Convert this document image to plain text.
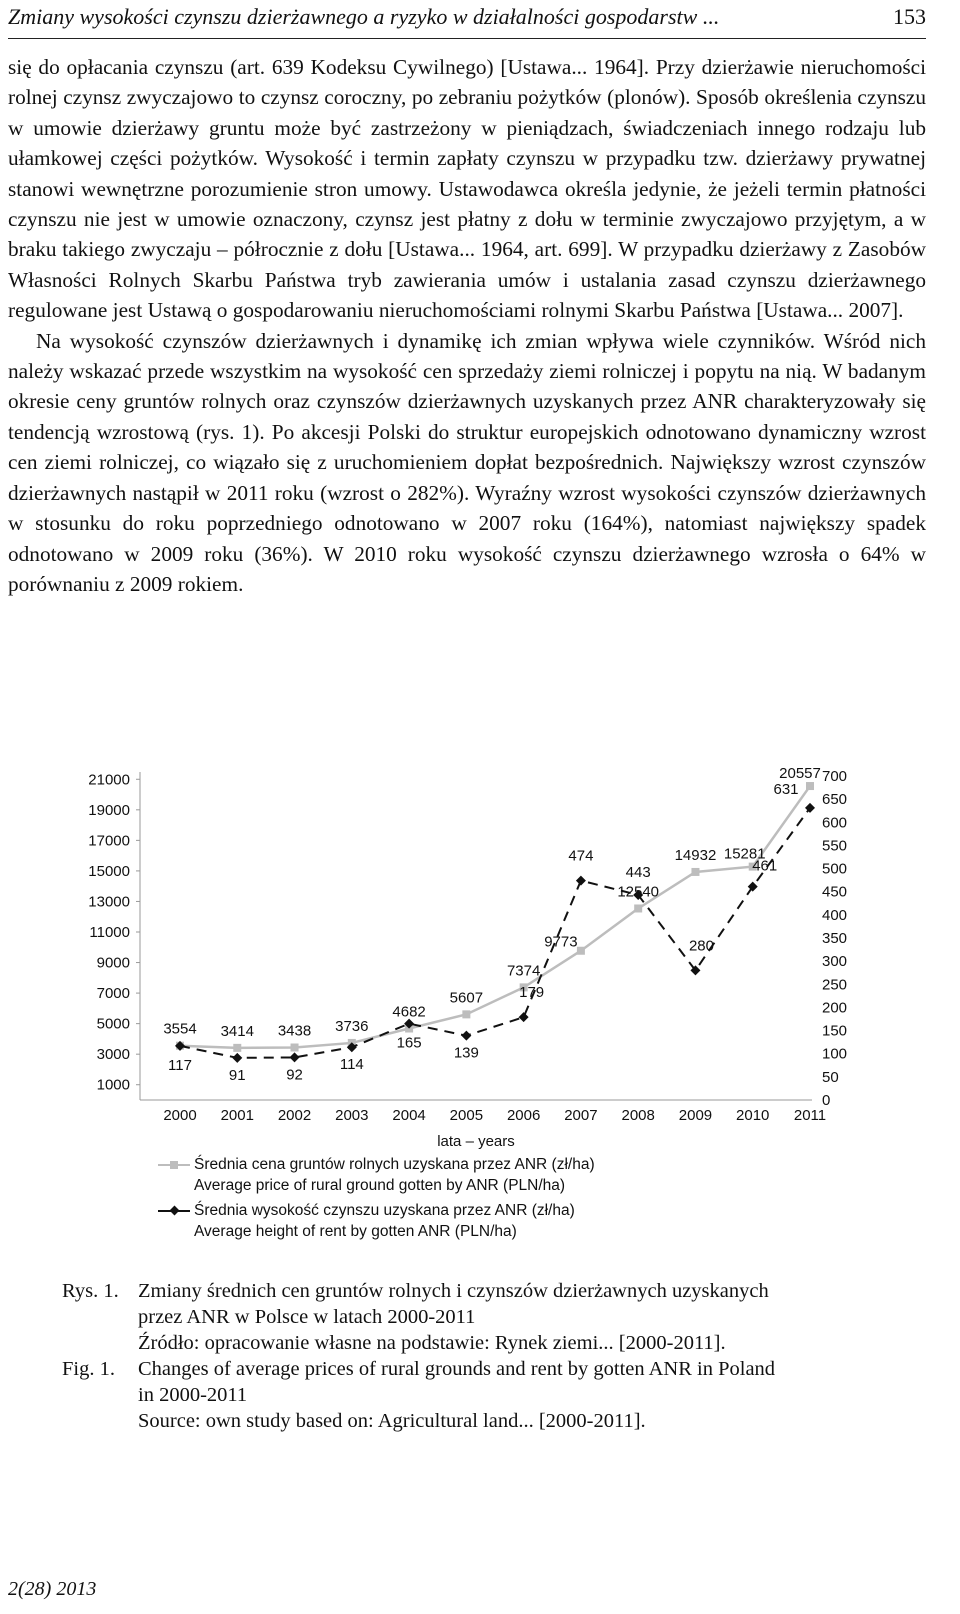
Zmiany wysokości czynszu dzierżawnego a ryzyko w działalności gospodarstw ...	153

się do opłacania czynszu (art. 639 Kodeksu Cywilnego) [Ustawa... 1964]. Przy dzierżawie nieruchomości rolnej czynsz zwyczajowo to czynsz coroczny, po zebraniu pożytków (plonów). Sposób określenia czynszu w umowie dzierżawy gruntu może być zastrzeżony w pieniądzach, świadczeniach innego rodzaju lub ułamkowej części pożytków. Wysokość i termin zapłaty czynszu w przypadku tzw. dzierżawy prywatnej stanowi wewnętrzne porozumienie stron umowy. Ustawodawca określa jedynie, że jeżeli termin płatności czynszu nie jest w umowie oznaczony, czynsz jest płatny z dołu w terminie zwyczajowo przyjętym, a w braku takiego zwyczaju – półrocznie z dołu [Ustawa... 1964, art. 699]. W przypadku dzierżawy z Zasobów Własności Rolnych Skarbu Państwa tryb zawierania umów i ustalania zasad czynszu dzierżawnego regulowane jest Ustawą o gospodarowaniu nieruchomościami rolnymi Skarbu Państwa [Ustawa... 2007].

Na wysokość czynszów dzierżawnych i dynamikę ich zmian wpływa wiele czynników. Wśród nich należy wskazać przede wszystkim na wysokość cen sprzedaży ziemi rolniczej i popytu na nią. W badanym okresie ceny gruntów rolnych oraz czynszów dzierżawnych uzyskanych przez ANR charakteryzowały się tendencją wzrostową (rys. 1). Po akcesji Polski do struktur europejskich odnotowano dynamiczny wzrost cen ziemi rolniczej, co wiązało się z uruchomieniem dopłat bezpośrednich. Największy wzrost czynszów dzierżawnych nastąpił w 2011 roku (wzrost o 282%). Wyraźny wzrost wysokości czynszów dzierżawnych w stosunku do roku poprzedniego odnotowano w 2007 roku (164%), natomiast największy spadek odnotowano w 2009 roku (36%). W 2010 roku wysokość czynszu dzierżawnego wzrosła o 64% w porównaniu z 2009 rokiem.

1000
3000
5000
7000
9000
11000
13000
15000
17000
19000
21000
0
50
100
150
200
250
300
350
400
450
500
550
600
650
700
2000 2001 2002 2003 2004 2005 2006 2007 2008 2009 2010 2011
lata – years
3554 3414 3438 3736
4682
5607
7374
9773
12540
14932 15281
20557
117
91	92
114
165
139
179
474
443
280
461
631
Średnia cena gruntów rolnych uzyskana przez ANR (zł/ha)
Average price of rural ground gotten by ANR (PLN/ha)
Średnia wysokość czynszu uzyskana przez ANR (zł/ha)
Average height of rent by gotten ANR (PLN/ha)
Rys. 1. Zmiany średnich cen gruntów rolnych i czynszów dzierżawnych uzyskanych
przez ANR w Polsce w latach 2000-2011
Źródło: opracowanie własne na podstawie: Rynek ziemi... [2000-2011].
Fig. 1.	Changes of average prices of rural grounds and rent by gotten ANR in Poland
in 2000-2011
Source: own study based on: Agricultural land... [2000-2011].
2(28) 2013
